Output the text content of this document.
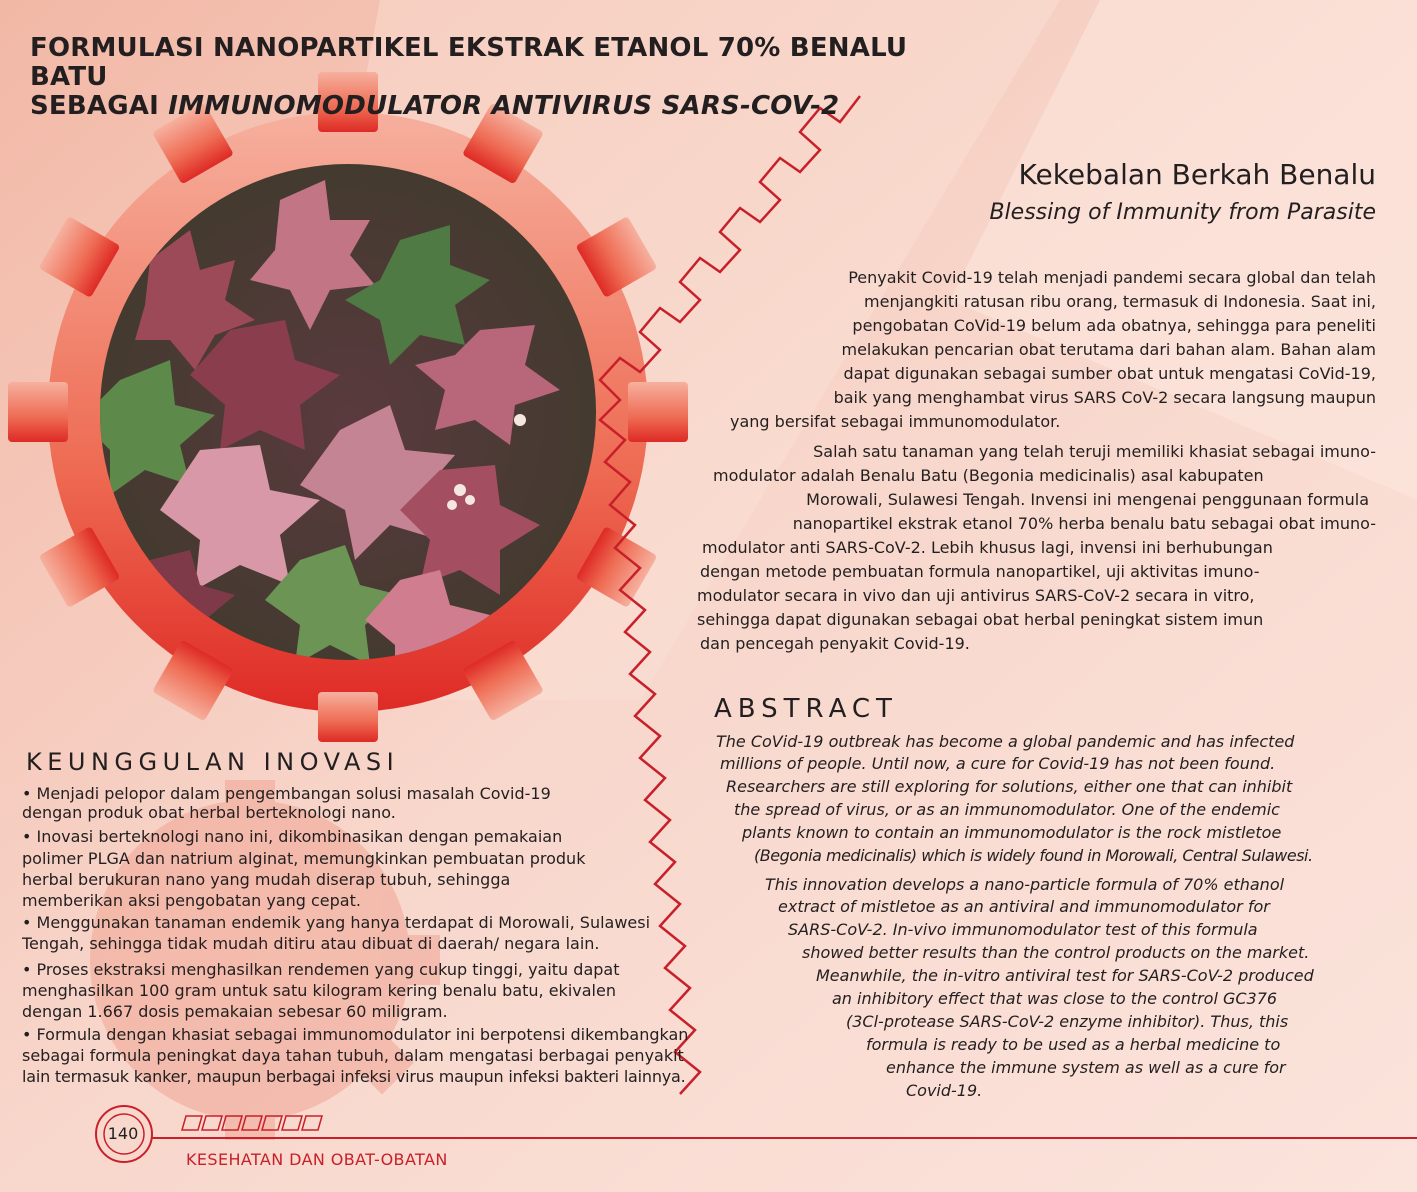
FORMULASI NANOPARTIKEL EKSTRAK ETANOL 70% BENALU BATU
SEBAGAI IMMUNOMODULATOR ANTIVIRUS SARS-COV-2
Kekebalan Berkah Benalu
Blessing of Immunity from Parasite

Penyakit Covid-19 telah menjadi pandemi secara global dan telah

menjangkiti ratusan ribu orang, termasuk di Indonesia. Saat ini,

pengobatan CoVid-19 belum ada obatnya, sehingga para peneliti

melakukan pencarian obat terutama dari bahan alam. Bahan alam

dapat digunakan sebagai sumber obat untuk mengatasi CoVid-19,

baik yang menghambat virus SARS CoV-2 secara langsung maupun

yang bersifat sebagai immunomodulator.

Salah satu tanaman yang telah teruji memiliki khasiat sebagai imuno-

modulator adalah Benalu Batu (Begonia medicinalis) asal kabupaten

Morowali, Sulawesi Tengah. Invensi ini mengenai penggunaan formula

nanopartikel ekstrak etanol 70% herba benalu batu sebagai obat imuno-

modulator anti SARS-CoV-2. Lebih khusus lagi, invensi ini berhubungan

dengan metode pembuatan formula nanopartikel, uji aktivitas imuno-

modulator secara in vivo dan uji antivirus SARS-CoV-2 secara in vitro,

sehingga dapat digunakan sebagai obat herbal peningkat sistem imun

dan pencegah penyakit Covid-19.

ABSTRACT
The CoVid-19 outbreak has become a global pandemic and has infected
millions of people. Until now, a cure for Covid-19 has not been found.
Researchers are still exploring for solutions, either one that can inhibit
the spread of virus, or as an immunomodulator. One of the endemic
plants known to contain an immunomodulator is the rock mistletoe
(Begonia medicinalis) which is widely found in Morowali, Central Sulawesi.
This innovation develops a nano-particle formula of 70% ethanol
extract of mistletoe as an antiviral and immunomodulator for
SARS-CoV-2. In-vivo immunomodulator test of this formula
showed better results than the control products on the market.
Meanwhile, the in-vitro antiviral test for SARS-CoV-2 produced
an inhibitory effect that was close to the control GC376
(3Cl-protease SARS-CoV-2 enzyme inhibitor). Thus, this
formula is ready to be used as a herbal medicine to
enhance the immune system as well as a cure for
Covid-19.
KEUNGGULAN INOVASI
• Menjadi pelopor dalam pengembangan solusi masalah Covid-19
dengan produk obat herbal berteknologi nano.
• Inovasi berteknologi nano ini, dikombinasikan dengan pemakaian
polimer PLGA dan natrium alginat, memungkinkan pembuatan produk
herbal berukuran nano yang mudah diserap tubuh, sehingga
memberikan aksi pengobatan yang cepat.
• Menggunakan tanaman endemik yang hanya terdapat di Morowali, Sulawesi
Tengah, sehingga tidak mudah ditiru atau dibuat di daerah/ negara lain.
• Proses ekstraksi menghasilkan rendemen yang cukup tinggi, yaitu dapat
menghasilkan 100 gram untuk satu kilogram kering benalu batu, ekivalen
dengan 1.667 dosis pemakaian sebesar 60 miligram.
• Formula dengan khasiat sebagai immunomodulator ini berpotensi dikembangkan
sebagai formula peningkat daya tahan tubuh, dalam mengatasi berbagai penyakit
lain termasuk kanker, maupun berbagai infeksi virus maupun infeksi bakteri lainnya.
140
KESEHATAN DAN OBAT-OBATAN
